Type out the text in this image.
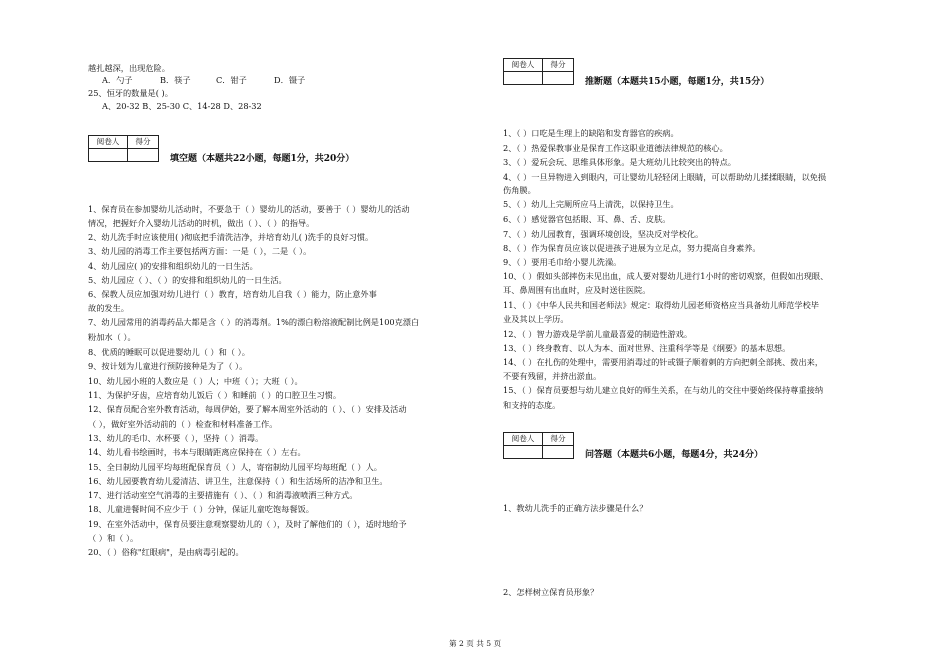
越扎越深，出现危险。
A．勺子	B．筷子	C．钳子	D．镊子
25、恒牙的数量是( )。
A、20-32 B、25-30 C、14-28 D、28-32
阅卷人	得分

填空题（本题共22小题，每题1分，共20分）
1、保育员在参加婴幼儿活动时，不要急于（ ）婴幼儿的活动，要善于（ ）婴幼儿的活动
情况，把握好介入婴幼儿活动的时机，做出（ ）、（ ）的指导。
2、幼儿洗手时应该使用( )彻底把手清洗洁净，并培育幼儿( )洗手的良好习惯。
3、幼儿园的消毒工作主要包括两方面：一是（ ），二是（ ）。
4、幼儿园应( )的安排和组织幼儿的一日生活。
5、幼儿园应（ ）、（ ）的安排和组织幼儿的一日生活。
6、保教人员应加强对幼儿进行（ ）教育，培育幼儿自我（ ）能力，防止意外事
故的发生。
7、幼儿园常用的消毒药品大都是含（ ）的消毒剂。1%的漂白粉溶液配制比例是100克漂白
粉加水（ ）。
8、优质的睡眠可以促进婴幼儿（ ）和（ ）。
9、按计划为儿童进行预防接种是为了（ ）。
10、幼儿园小班的人数应是（ ）人；中班（ ）；大班（ ）。
11、为保护牙齿，应培育幼儿饭后（ ）和睡前（ ）的口腔卫生习惯。
12、保育员配合室外教育活动，每周伊始，要了解本周室外活动的（ ）、（ ）安排及活动
（ ），做好室外活动前的（ ）检查和材料准备工作。
13、幼儿的毛巾、水杯要（ ），坚持（ ）消毒。
14、幼儿看书绘画时，书本与眼睛距离应保持在（ ）左右。
15、全日制幼儿园平均每班配保育员（ ）人，寄宿制幼儿园平均每班配（ ）人。
16、幼儿园要教育幼儿爱清洁、讲卫生，注意保持（ ）和生活场所的洁净和卫生。
17、进行活动室空气消毒的主要措施有（ ）、（ ）和消毒液喷洒三种方式。
18、儿童进餐时间不应少于（ ）分钟，保证儿童吃饱每餐饭。
19、在室外活动中，保育员要注意观察婴幼儿的（ ），及时了解他们的（ ），适时地给予
（ ）和（ ）。
20、（ ）俗称"红眼病"，是由病毒引起的。
阅卷人	得分

推断题（本题共15小题，每题1分，共15分）
1、（ ）口吃是生理上的缺陷和发育器官的疾病。
2、（ ）热爱保教事业是保育工作这职业道德法律规范的核心。
3、（ ）爱玩会玩、思维具体形象。是大班幼儿比较突出的特点。
4、（ ）一旦异物进入到眼内，可让婴幼儿轻轻闭上眼睛，可以帮助幼儿揉揉眼睛，以免损
伤角膜。
5、（ ）幼儿上完厕所应马上清洗，以保持卫生。
6、（ ）感觉器官包括眼、耳、鼻、舌、皮肤。
7、（ ）幼儿园教育，强调环境创设，坚决反对学校化。
8、（ ）作为保育员应该以促进孩子进展为立足点，努力提高自身素养。
9、（ ）要用毛巾给小婴儿洗澡。
10、（ ）假如头部摔伤未见出血，成人要对婴幼儿进行1小时的密切观察，但假如出现眼、
耳、鼻周围有出血时，应及时送往医院。
11、（ ）《中华人民共和国老师法》规定：取得幼儿园老师资格应当具备幼儿师范学校毕
业及其以上学历。
12、（ ）智力游戏是学前儿童最喜爱的制造性游戏。
13、（ ）终身教育、以人为本、面对世界、注重科学等是《纲要》的基本思想。
14、（ ）在扎伤的处理中，需要用消毒过的针或镊子顺着刺的方向把刺全部挑、拨出来，
不要有残留，并挤出淤血。
15、（ ）保育员要想与幼儿建立良好的师生关系，在与幼儿的交往中要始终保持尊重接纳
和支持的态度。
阅卷人	得分

问答题（本题共6小题，每题4分，共24分）
1、教幼儿洗手的正确方法步骤是什么？
2、怎样树立保育员形象？
第 2 页 共 5 页
